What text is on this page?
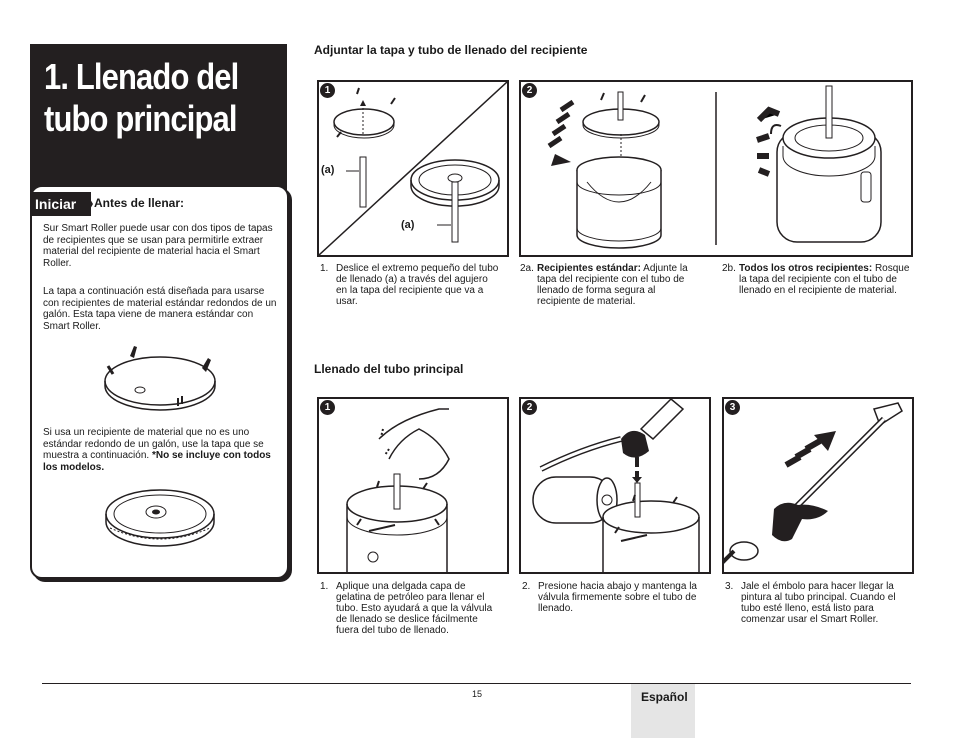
1. Llenado del
tubo principal
Iniciar	Antes de llenar:
Sur Smart Roller puede usar con dos tipos de tapas de recipientes que se usan para permitirle extraer material del recipiente de material hacia el Smart Roller.
La tapa a continuación está diseñada para usarse con recipientes de material estándar redondos de un galón. Esta tapa viene de manera estándar con Smart Roller.
Si usa un recipiente de material que no es uno estándar redondo de un galón, use la tapa que se muestra a continuación. *No se incluye con todos los modelos.
Adjuntar la tapa y tubo de llenado del recipiente
1
(a)
(a)
2
1. Deslice el extremo pequeño del tubo de llenado (a) a través del agujero en la tapa del recipiente que va a usar.
2a. Recipientes estándar: Adjunte la tapa del recipiente con el tubo de llenado de forma segura al recipiente de material.
2b. Todos los otros recipientes: Rosque la tapa del recipiente con el tubo de llenado en el recipiente de material.
Llenado del tubo principal
1	2	3
1. Aplique una delgada capa de gelatina de petróleo para llenar el tubo. Esto ayudará a que la válvula de llenado se deslice fácilmente fuera del tubo de llenado.
2. Presione hacia abajo y mantenga la válvula firmemente sobre el tubo de llenado.
3. Jale el émbolo para hacer llegar la pintura al tubo principal. Cuando el tubo esté lleno, está listo para comenzar usar el Smart Roller.
15	Español
